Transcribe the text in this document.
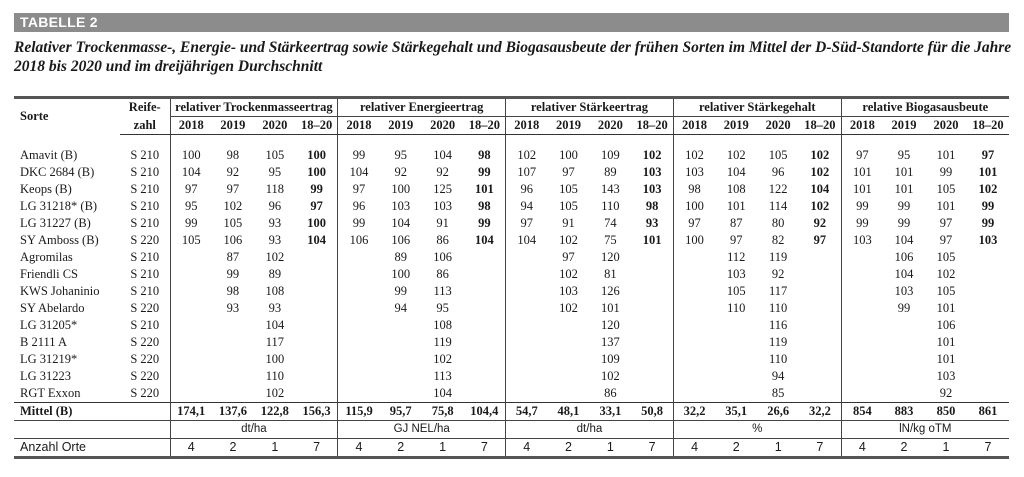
TABELLE 2
Relativer Trockenmasse-, Energie- und Stärkeertrag sowie Stärkegehalt und Biogasausbeute der frühen Sorten im Mittel der D-Süd-Standorte für die Jahre 2018 bis 2020 und im dreijährigen Durchschnitt
Sorte	Reife-	relativer Trockenmasseertrag				relativer Energieertrag				relativer Stärkeertrag				relativer Stärkegehalt				relative Biogasausbeute			
	zahl	2018	2019	2020	18–20	2018	2019	2020	18–20	2018	2019	2020	18–20	2018	2019	2020	18–20	2018	2019	2020	18–20

Amavit (B)	S 210	100	98	105	100	99	95	104	98	102	100	109	102	102	102	105	102	97	95	101	97
DKC 2684 (B)	S 210	104	92	95	100	104	92	92	99	107	97	89	103	103	104	96	102	101	101	99	101
Keops (B)	S 210	97	97	118	99	97	100	125	101	96	105	143	103	98	108	122	104	101	101	105	102
LG 31218* (B)	S 210	95	102	96	97	96	103	103	98	94	105	110	98	100	101	114	102	99	99	101	99
LG 31227 (B)	S 210	99	105	93	100	99	104	91	99	97	91	74	93	97	87	80	92	99	99	97	99
SY Amboss (B)	S 220	105	106	93	104	106	106	86	104	104	102	75	101	100	97	82	97	103	104	97	103
Agromilas	S 210		87	102			89	106			97	120			112	119			106	105	
Friendli CS	S 210		99	89			100	86			102	81			103	92			104	102	
KWS Johaninio	S 210		98	108			99	113			103	126			105	117			103	105	
SY Abelardo	S 220		93	93			94	95			102	101			110	110			99	101	
LG 31205*	S 210			104				108				120				116				106	
B 2111 A	S 220			117				119				137				119				101	
LG 31219*	S 220			100				102				109				110				101	
LG 31223	S 220			110				113				102				94				103	
RGT Exxon	S 220			102				104				86				85				92	
Mittel (B)		174,1	137,6	122,8	156,3	115,9	95,7	75,8	104,4	54,7	48,1	33,1	50,8	32,2	35,1	26,6	32,2	854	883	850	861
		dt/ha				GJ NEL/ha				dt/ha				%				lN/kg oTM			
Anzahl Orte		4	2	1	7	4	2	1	7	4	2	1	7	4	2	1	7	4	2	1	7
